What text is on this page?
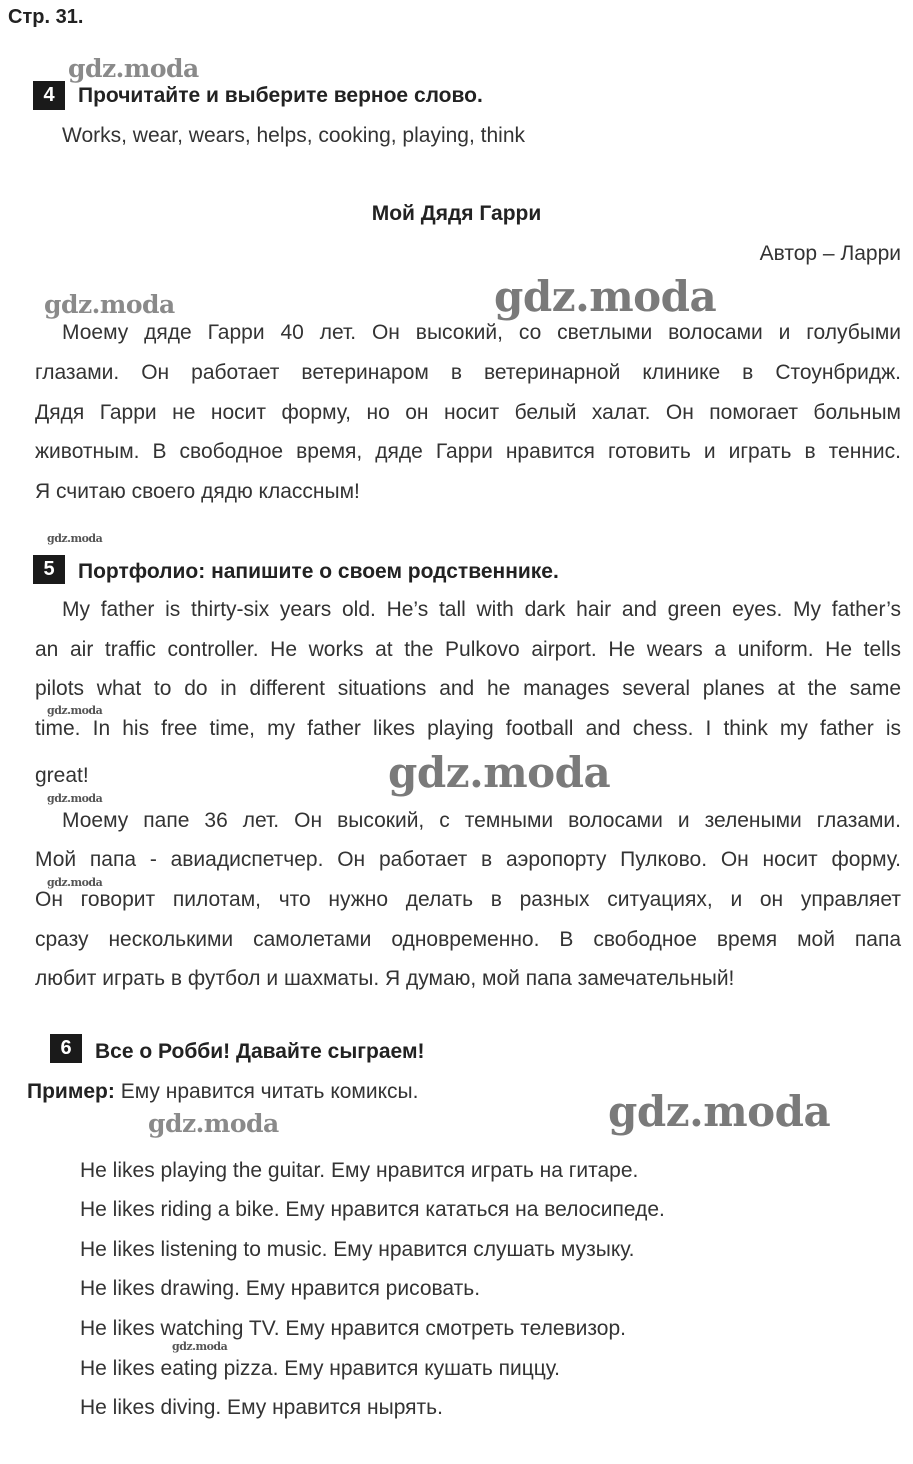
Стр. 31.
gdz.moda
4	Прочитайте и выберите верное слово.
Works, wear, wears, helps, cooking, playing, think
Мой Дядя Гарри
Автор – Ларри
gdz.moda
Моему дяде Гарри 40 лет. Он высокий, со светлыми волосами и голубыми
глазами. Он работает ветеринаром в ветеринарной клинике в Стоунбридж.
Дядя Гарри не носит форму, но он носит белый халат. Он помогает больным
животным. В свободное время, дяде Гарри нравится готовить и играть в теннис.
Я считаю своего дядю классным!
gdz.moda
gdz.moda
5	Портфолио: напишите о своем родственнике.
My father is thirty-six years old. He’s tall with dark hair and green eyes. My father’s
an air traffic controller. He works at the Pulkovo airport. He wears a uniform. He tells
pilots what to do in different situations and he manages several planes at the same
gdz.moda
time. In his free time, my father likes playing football and chess. I think my father is
great!	gdz.moda
gdz.moda
Моему папе 36 лет. Он высокий, с темными волосами и зелеными глазами.
Мой папа - авиадиспетчер. Он работает в аэропорту Пулково. Он носит форму.
gdz.moda
Он говорит пилотам, что нужно делать в разных ситуациях, и он управляет
сразу несколькими самолетами одновременно. В свободное время мой папа
любит играть в футбол и шахматы. Я думаю, мой папа замечательный!
6	Все о Робби! Давайте сыграем!
Пример: Ему нравится читать комиксы.	gdz.moda
gdz.moda
He likes playing the guitar. Ему нравится играть на гитаре.
He likes riding a bike. Ему нравится кататься на велосипеде.
He likes listening to music. Ему нравится слушать музыку.
He likes drawing. Ему нравится рисовать.
He likes watching TV. Ему нравится смотреть телевизор.
gdz.moda
He likes eating pizza. Ему нравится кушать пиццу.
He likes diving. Ему нравится нырять.
